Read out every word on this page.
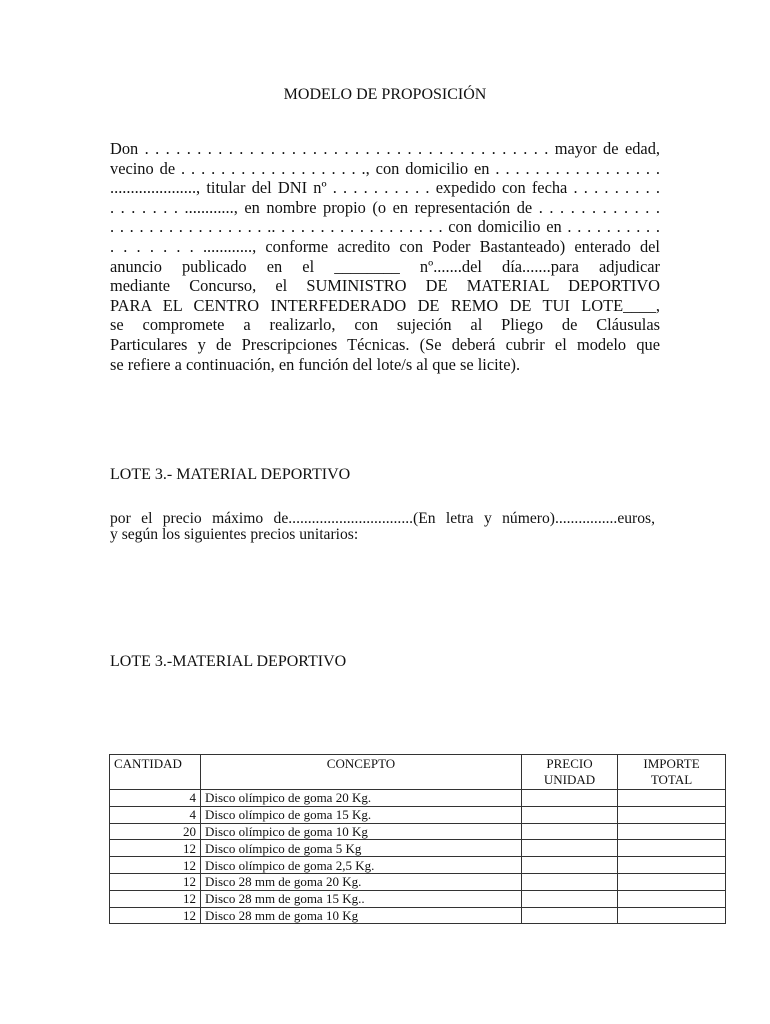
MODELO DE PROPOSICIÓN
Don . . . . . . . . . . . . . . . . . . . . . . . . . . . . . . . . . . . . . . . mayor de edad,
vecino de . . . . . . . . . . . . . . . . . . ., con domicilio en . . . . . . . . . . . . . . . . .
....................., titular del DNI nº . . . . . . . . . . expedido con fecha . . . . . . . . .
. . . . . . . ............, en nombre propio (o en representación de . . . . . . . . . . . .
. . . . . . . . . . . . . . . . .. . . . . . . . . . . . . . . . . . con domicilio en . . . . . . . . . .
. . . . . . . ............, conforme acredito con Poder Bastanteado) enterado del
anuncio publicado en el ________ nº.......del día.......para adjudicar
mediante Concurso, el SUMINISTRO DE MATERIAL DEPORTIVO
PARA EL CENTRO INTERFEDERADO DE REMO DE TUI LOTE____,
se compromete a realizarlo, con sujeción al Pliego de Cláusulas
Particulares y de Prescripciones Técnicas. (Se deberá cubrir el modelo que
se refiere a continuación, en función del lote/s al que se licite).
LOTE 3.- MATERIAL DEPORTIVO
por el precio máximo de................................(En letra y número)................euros,
y según los siguientes precios unitarios:
LOTE 3.-MATERIAL DEPORTIVO
CANTIDAD	CONCEPTO	PRECIO UNIDAD	IMPORTE TOTAL
4	Disco olímpico de goma 20 Kg.		
4	Disco olímpico de goma 15 Kg.		
20	Disco olímpico de goma 10 Kg		
12	Disco olímpico de goma 5 Kg		
12	Disco olímpico de goma 2,5 Kg.		
12	Disco 28 mm de goma 20 Kg.		
12	Disco 28 mm de goma 15 Kg..		
12	Disco 28 mm de goma 10 Kg		
